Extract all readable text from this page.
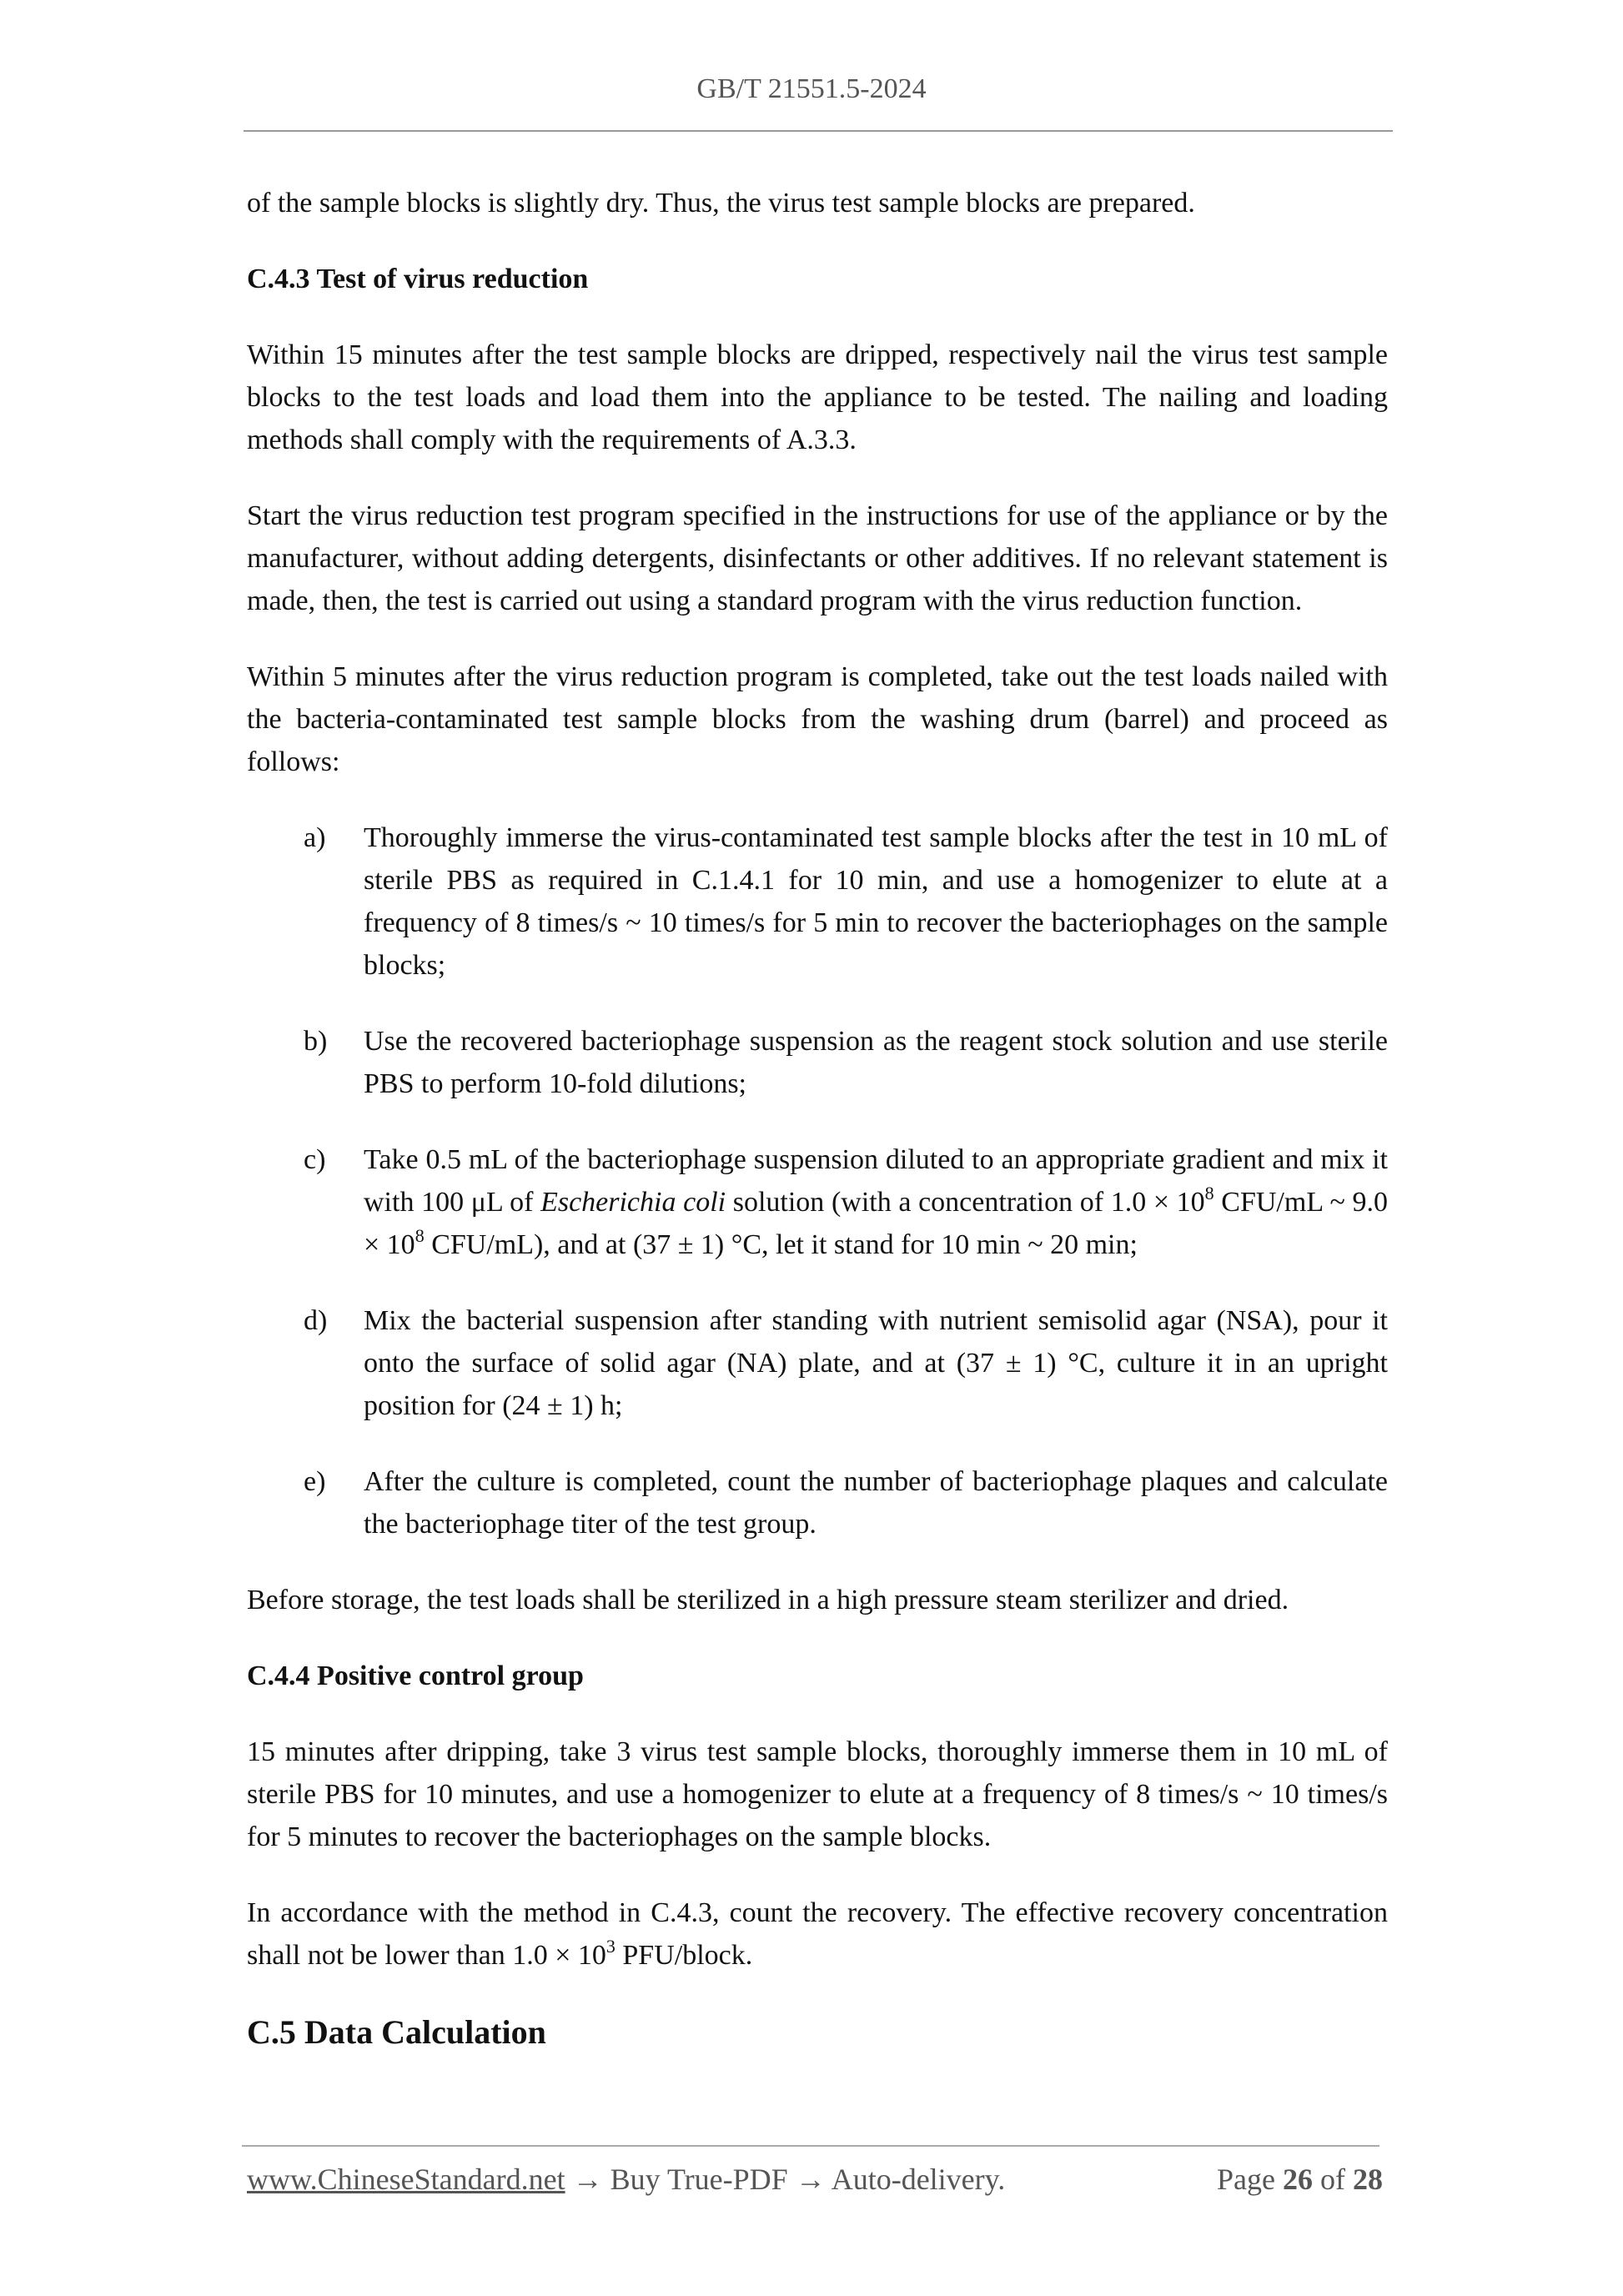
GB/T 21551.5-2024

of the sample blocks is slightly dry. Thus, the virus test sample blocks are prepared.

C.4.3 Test of virus reduction

Within 15 minutes after the test sample blocks are dripped, respectively nail the virus test sample blocks to the test loads and load them into the appliance to be tested. The nailing and loading methods shall comply with the requirements of A.3.3.

Start the virus reduction test program specified in the instructions for use of the appliance or by the manufacturer, without adding detergents, disinfectants or other additives. If no relevant statement is made, then, the test is carried out using a standard program with the virus reduction function.

Within 5 minutes after the virus reduction program is completed, take out the test loads nailed with the bacteria-contaminated test sample blocks from the washing drum (barrel) and proceed as follows:

a) Thoroughly immerse the virus-contaminated test sample blocks after the test in 10 mL of sterile PBS as required in C.1.4.1 for 10 min, and use a homogenizer to elute at a frequency of 8 times/s ~ 10 times/s for 5 min to recover the bacteriophages on the sample blocks;
b) Use the recovered bacteriophage suspension as the reagent stock solution and use sterile PBS to perform 10-fold dilutions;
c) Take 0.5 mL of the bacteriophage suspension diluted to an appropriate gradient and mix it with 100 μL of Escherichia coli solution (with a concentration of $1.0 \times 10^8$ CFU/mL ~ $9.0 \times 10^8$ CFU/mL), and at (37 ± 1) °C, let it stand for 10 min ~ 20 min;
d) Mix the bacterial suspension after standing with nutrient semisolid agar (NSA), pour it onto the surface of solid agar (NA) plate, and at (37 ± 1) °C, culture it in an upright position for (24 ± 1) h;
e) After the culture is completed, count the number of bacteriophage plaques and calculate the bacteriophage titer of the test group.

Before storage, the test loads shall be sterilized in a high pressure steam sterilizer and dried.

C.4.4 Positive control group

15 minutes after dripping, take 3 virus test sample blocks, thoroughly immerse them in 10 mL of sterile PBS for 10 minutes, and use a homogenizer to elute at a frequency of 8 times/s ~ 10 times/s for 5 minutes to recover the bacteriophages on the sample blocks.

In accordance with the method in C.4.3, count the recovery. The effective recovery concentration shall not be lower than $1.0 \times 10^3$ PFU/block.

C.5 Data Calculation
www.ChineseStandard.net → Buy True-PDF → Auto-delivery.	Page 26 of 28
